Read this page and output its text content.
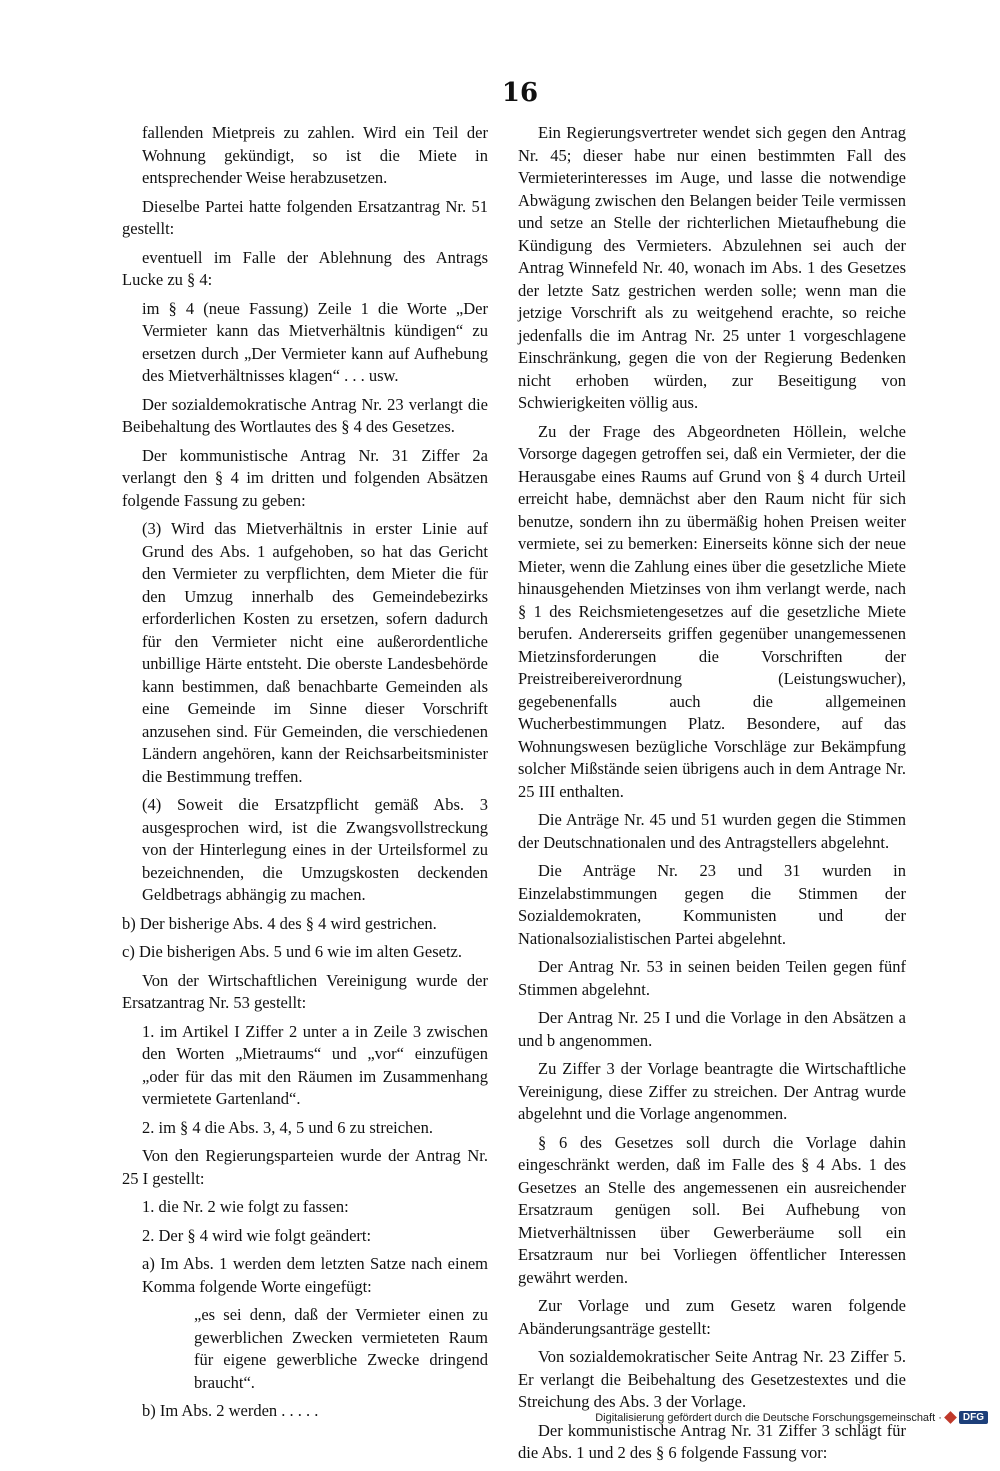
16

fallenden Mietpreis zu zahlen. Wird ein Teil der Wohnung gekündigt, so ist die Miete in entsprechender Weise herabzusetzen.

Dieselbe Partei hatte folgenden Ersatzantrag Nr. 51 gestellt:

eventuell im Falle der Ablehnung des Antrags Lucke zu § 4:

im § 4 (neue Fassung) Zeile 1 die Worte „Der Vermieter kann das Mietverhältnis kündigen“ zu ersetzen durch „Der Vermieter kann auf Aufhebung des Mietverhältnisses klagen“ . . . usw.

Der sozialdemokratische Antrag Nr. 23 verlangt die Beibehaltung des Wortlautes des § 4 des Gesetzes.

Der kommunistische Antrag Nr. 31 Ziffer 2a verlangt den § 4 im dritten und folgenden Absätzen folgende Fassung zu geben:

(3) Wird das Mietverhältnis in erster Linie auf Grund des Abs. 1 aufgehoben, so hat das Gericht den Vermieter zu verpflichten, dem Mieter die für den Umzug innerhalb des Gemeindebezirks erforderlichen Kosten zu ersetzen, sofern dadurch für den Vermieter nicht eine außerordentliche unbillige Härte entsteht. Die oberste Landesbehörde kann bestimmen, daß benachbarte Gemeinden als eine Gemeinde im Sinne dieser Vorschrift anzusehen sind. Für Gemeinden, die verschiedenen Ländern angehören, kann der Reichsarbeitsminister die Bestimmung treffen.

(4) Soweit die Ersatzpflicht gemäß Abs. 3 ausgesprochen wird, ist die Zwangsvollstreckung von der Hinterlegung eines in der Urteilsformel zu bezeichnenden, die Umzugskosten deckenden Geldbetrags abhängig zu machen.

b) Der bisherige Abs. 4 des § 4 wird gestrichen.

c) Die bisherigen Abs. 5 und 6 wie im alten Gesetz.

Von der Wirtschaftlichen Vereinigung wurde der Ersatzantrag Nr. 53 gestellt:

1. im Artikel I Ziffer 2 unter a in Zeile 3 zwischen den Worten „Mietraums“ und „vor“ einzufügen „oder für das mit den Räumen im Zusammenhang vermietete Gartenland“.

2. im § 4 die Abs. 3, 4, 5 und 6 zu streichen.

Von den Regierungsparteien wurde der Antrag Nr. 25 I gestellt:

1. die Nr. 2 wie folgt zu fassen:

2. Der § 4 wird wie folgt geändert:

a) Im Abs. 1 werden dem letzten Satze nach einem Komma folgende Worte eingefügt:

„es sei denn, daß der Vermieter einen zu gewerblichen Zwecken vermieteten Raum für eigene gewerbliche Zwecke dringend braucht“.

b) Im Abs. 2 werden . . . . .

Ein Regierungsvertreter wendet sich gegen den Antrag Nr. 45; dieser habe nur einen bestimmten Fall des Vermieterinteresses im Auge, und lasse die notwendige Abwägung zwischen den Belangen beider Teile vermissen und setze an Stelle der richterlichen Mietaufhebung die Kündigung des Vermieters. Abzulehnen sei auch der Antrag Winnefeld Nr. 40, wonach im Abs. 1 des Gesetzes der letzte Satz gestrichen werden solle; wenn man die jetzige Vorschrift als zu weitgehend erachte, so reiche jedenfalls die im Antrag Nr. 25 unter 1 vorgeschlagene Einschränkung, gegen die von der Regierung Bedenken nicht erhoben würden, zur Beseitigung von Schwierigkeiten völlig aus.

Zu der Frage des Abgeordneten Höllein, welche Vorsorge dagegen getroffen sei, daß ein Vermieter, der die Herausgabe eines Raums auf Grund von § 4 durch Urteil erreicht habe, demnächst aber den Raum nicht für sich benutze, sondern ihn zu übermäßig hohen Preisen weiter vermiete, sei zu bemerken: Einerseits könne sich der neue Mieter, wenn die Zahlung eines über die gesetzliche Miete hinausgehenden Mietzinses von ihm verlangt werde, nach § 1 des Reichsmietengesetzes auf die gesetzliche Miete berufen. Andererseits griffen gegenüber unangemessenen Mietzinsforderungen die Vorschriften der Preistreibereiverordnung (Leistungswucher), gegebenenfalls auch die allgemeinen Wucherbestimmungen Platz. Besondere, auf das Wohnungswesen bezügliche Vorschläge zur Bekämpfung solcher Mißstände seien übrigens auch in dem Antrage Nr. 25 III enthalten.

Die Anträge Nr. 45 und 51 wurden gegen die Stimmen der Deutschnationalen und des Antragstellers abgelehnt.

Die Anträge Nr. 23 und 31 wurden in Einzelabstimmungen gegen die Stimmen der Sozialdemokraten, Kommunisten und der Nationalsozialistischen Partei abgelehnt.

Der Antrag Nr. 53 in seinen beiden Teilen gegen fünf Stimmen abgelehnt.

Der Antrag Nr. 25 I und die Vorlage in den Absätzen a und b angenommen.

Zu Ziffer 3 der Vorlage beantragte die Wirtschaftliche Vereinigung, diese Ziffer zu streichen. Der Antrag wurde abgelehnt und die Vorlage angenommen.

§ 6 des Gesetzes soll durch die Vorlage dahin eingeschränkt werden, daß im Falle des § 4 Abs. 1 des Gesetzes an Stelle des angemessenen ein ausreichender Ersatzraum genügen soll. Bei Aufhebung von Mietverhältnissen über Gewerberäume soll ein Ersatzraum nur bei Vorliegen öffentlicher Interessen gewährt werden.

Zur Vorlage und zum Gesetz waren folgende Abänderungsanträge gestellt:

Von sozialdemokratischer Seite Antrag Nr. 23 Ziffer 5. Er verlangt die Beibehaltung des Gesetzestextes und die Streichung des Abs. 3 der Vorlage.

Der kommunistische Antrag Nr. 31 Ziffer 3 schlägt für die Abs. 1 und 2 des § 6 folgende Fassung vor:

Digitalisierung gefördert durch die Deutsche Forschungsgemeinschaft ·	DFG
